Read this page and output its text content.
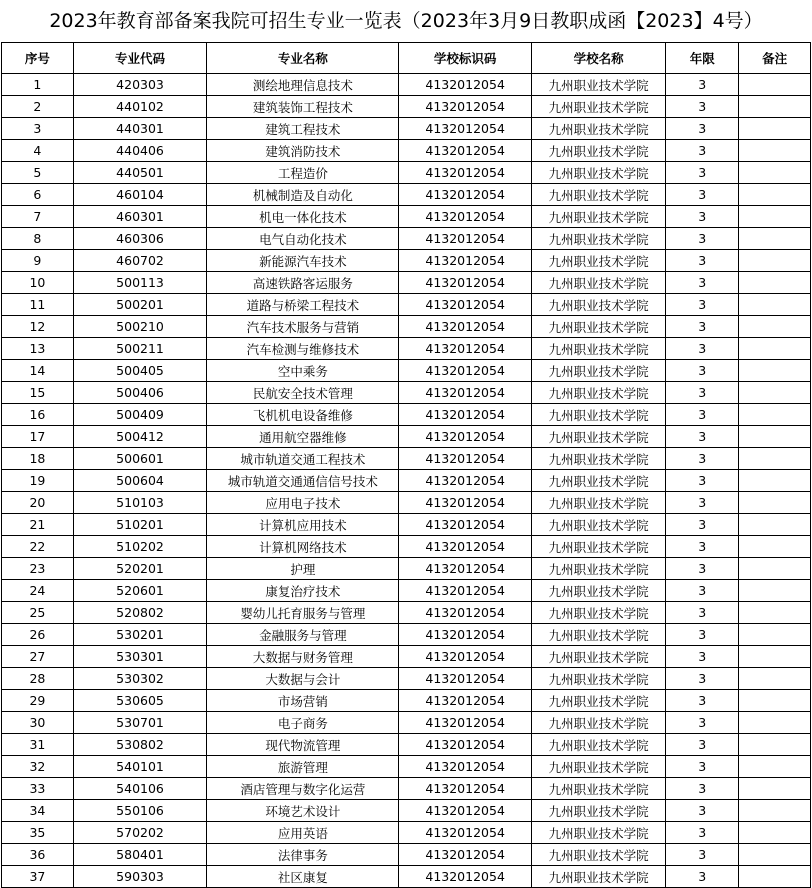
2023年教育部备案我院可招生专业一览表（2023年3月9日教职成函【2023】4号）
序号	专业代码	专业名称	学校标识码	学校名称	年限	备注
1	420303	测绘地理信息技术	4132012054	九州职业技术学院	3	
2	440102	建筑装饰工程技术	4132012054	九州职业技术学院	3	
3	440301	建筑工程技术	4132012054	九州职业技术学院	3	
4	440406	建筑消防技术	4132012054	九州职业技术学院	3	
5	440501	工程造价	4132012054	九州职业技术学院	3	
6	460104	机械制造及自动化	4132012054	九州职业技术学院	3	
7	460301	机电一体化技术	4132012054	九州职业技术学院	3	
8	460306	电气自动化技术	4132012054	九州职业技术学院	3	
9	460702	新能源汽车技术	4132012054	九州职业技术学院	3	
10	500113	高速铁路客运服务	4132012054	九州职业技术学院	3	
11	500201	道路与桥梁工程技术	4132012054	九州职业技术学院	3	
12	500210	汽车技术服务与营销	4132012054	九州职业技术学院	3	
13	500211	汽车检测与维修技术	4132012054	九州职业技术学院	3	
14	500405	空中乘务	4132012054	九州职业技术学院	3	
15	500406	民航安全技术管理	4132012054	九州职业技术学院	3	
16	500409	飞机机电设备维修	4132012054	九州职业技术学院	3	
17	500412	通用航空器维修	4132012054	九州职业技术学院	3	
18	500601	城市轨道交通工程技术	4132012054	九州职业技术学院	3	
19	500604	城市轨道交通通信信号技术	4132012054	九州职业技术学院	3	
20	510103	应用电子技术	4132012054	九州职业技术学院	3	
21	510201	计算机应用技术	4132012054	九州职业技术学院	3	
22	510202	计算机网络技术	4132012054	九州职业技术学院	3	
23	520201	护理	4132012054	九州职业技术学院	3	
24	520601	康复治疗技术	4132012054	九州职业技术学院	3	
25	520802	婴幼儿托育服务与管理	4132012054	九州职业技术学院	3	
26	530201	金融服务与管理	4132012054	九州职业技术学院	3	
27	530301	大数据与财务管理	4132012054	九州职业技术学院	3	
28	530302	大数据与会计	4132012054	九州职业技术学院	3	
29	530605	市场营销	4132012054	九州职业技术学院	3	
30	530701	电子商务	4132012054	九州职业技术学院	3	
31	530802	现代物流管理	4132012054	九州职业技术学院	3	
32	540101	旅游管理	4132012054	九州职业技术学院	3	
33	540106	酒店管理与数字化运营	4132012054	九州职业技术学院	3	
34	550106	环境艺术设计	4132012054	九州职业技术学院	3	
35	570202	应用英语	4132012054	九州职业技术学院	3	
36	580401	法律事务	4132012054	九州职业技术学院	3	
37	590303	社区康复	4132012054	九州职业技术学院	3	
